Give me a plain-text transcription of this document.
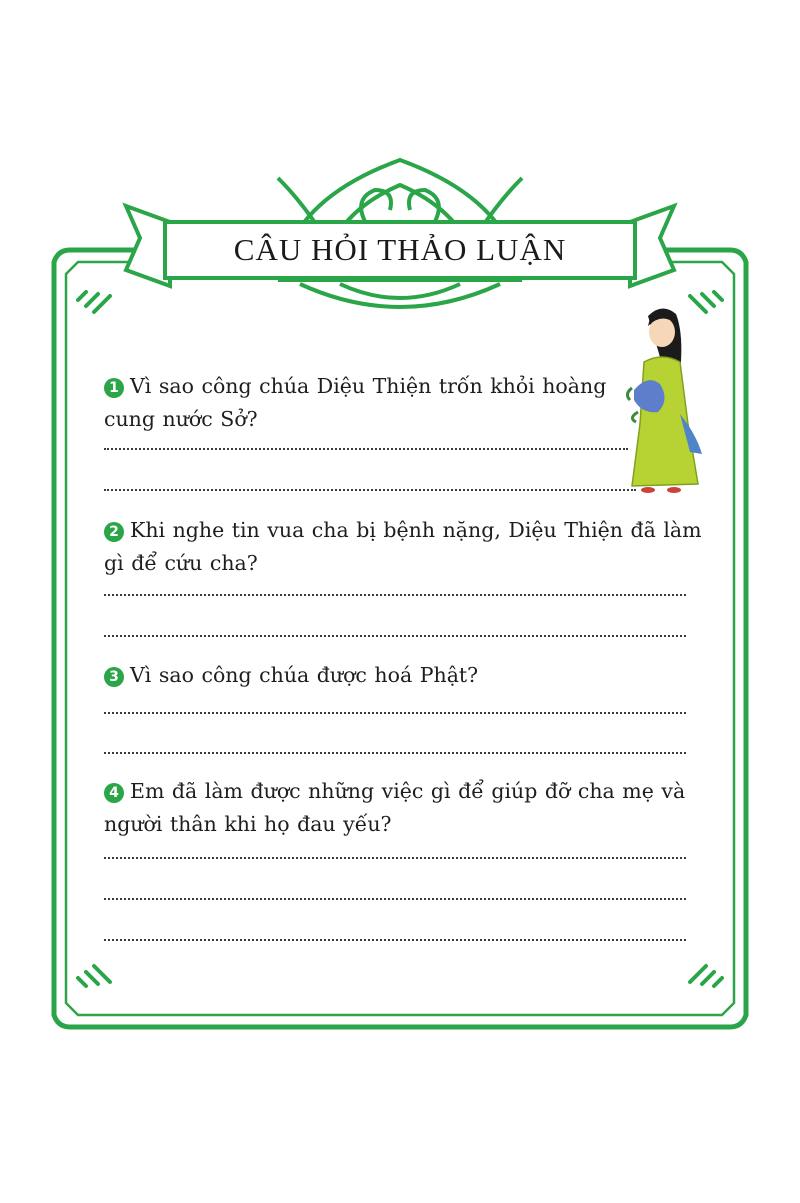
CÂU HỎI THẢO LUẬN
1 Vì sao công chúa Diệu Thiện trốn khỏi hoàng
cung nước Sở?
2 Khi nghe tin vua cha bị bệnh nặng, Diệu Thiện đã làm
gì để cứu cha?
3 Vì sao công chúa được hoá Phật?
4 Em đã làm được những việc gì để giúp đỡ cha mẹ và
người thân khi họ đau yếu?
